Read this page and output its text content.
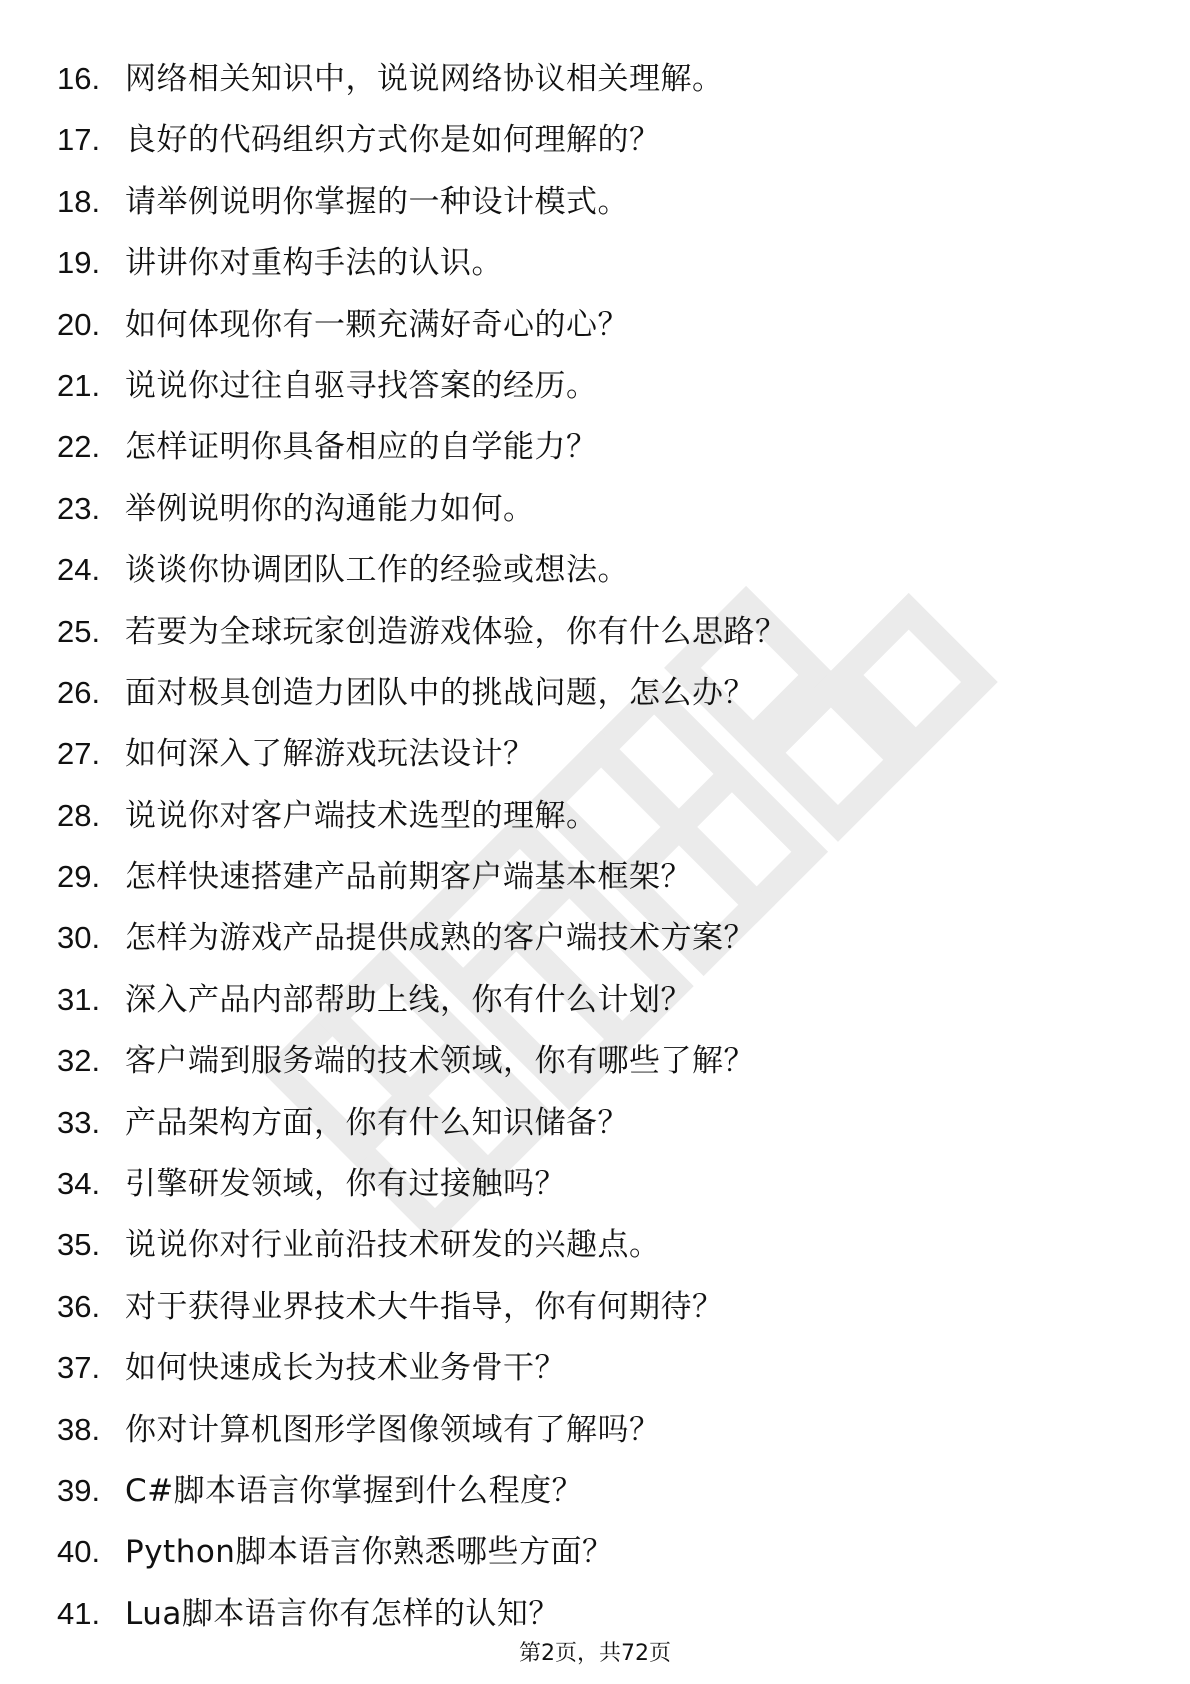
16. 网络相关知识中，说说网络协议相关理解。
17. 良好的代码组织方式你是如何理解的？
18. 请举例说明你掌握的一种设计模式。
19. 讲讲你对重构手法的认识。
20. 如何体现你有一颗充满好奇心的心？
21. 说说你过往自驱寻找答案的经历。
22. 怎样证明你具备相应的自学能力？
23. 举例说明你的沟通能力如何。
24. 谈谈你协调团队工作的经验或想法。
25. 若要为全球玩家创造游戏体验，你有什么思路？
26. 面对极具创造力团队中的挑战问题，怎么办？
27. 如何深入了解游戏玩法设计？
28. 说说你对客户端技术选型的理解。
29. 怎样快速搭建产品前期客户端基本框架？
30. 怎样为游戏产品提供成熟的客户端技术方案？
31. 深入产品内部帮助上线，你有什么计划？
32. 客户端到服务端的技术领域，你有哪些了解？
33. 产品架构方面，你有什么知识储备？
34. 引擎研发领域，你有过接触吗？
35. 说说你对行业前沿技术研发的兴趣点。
36. 对于获得业界技术大牛指导，你有何期待？
37. 如何快速成长为技术业务骨干？
38. 你对计算机图形学图像领域有了解吗？
39. C#脚本语言你掌握到什么程度？
40. Python脚本语言你熟悉哪些方面？
41. Lua脚本语言你有怎样的认知？
第2页，共72页
